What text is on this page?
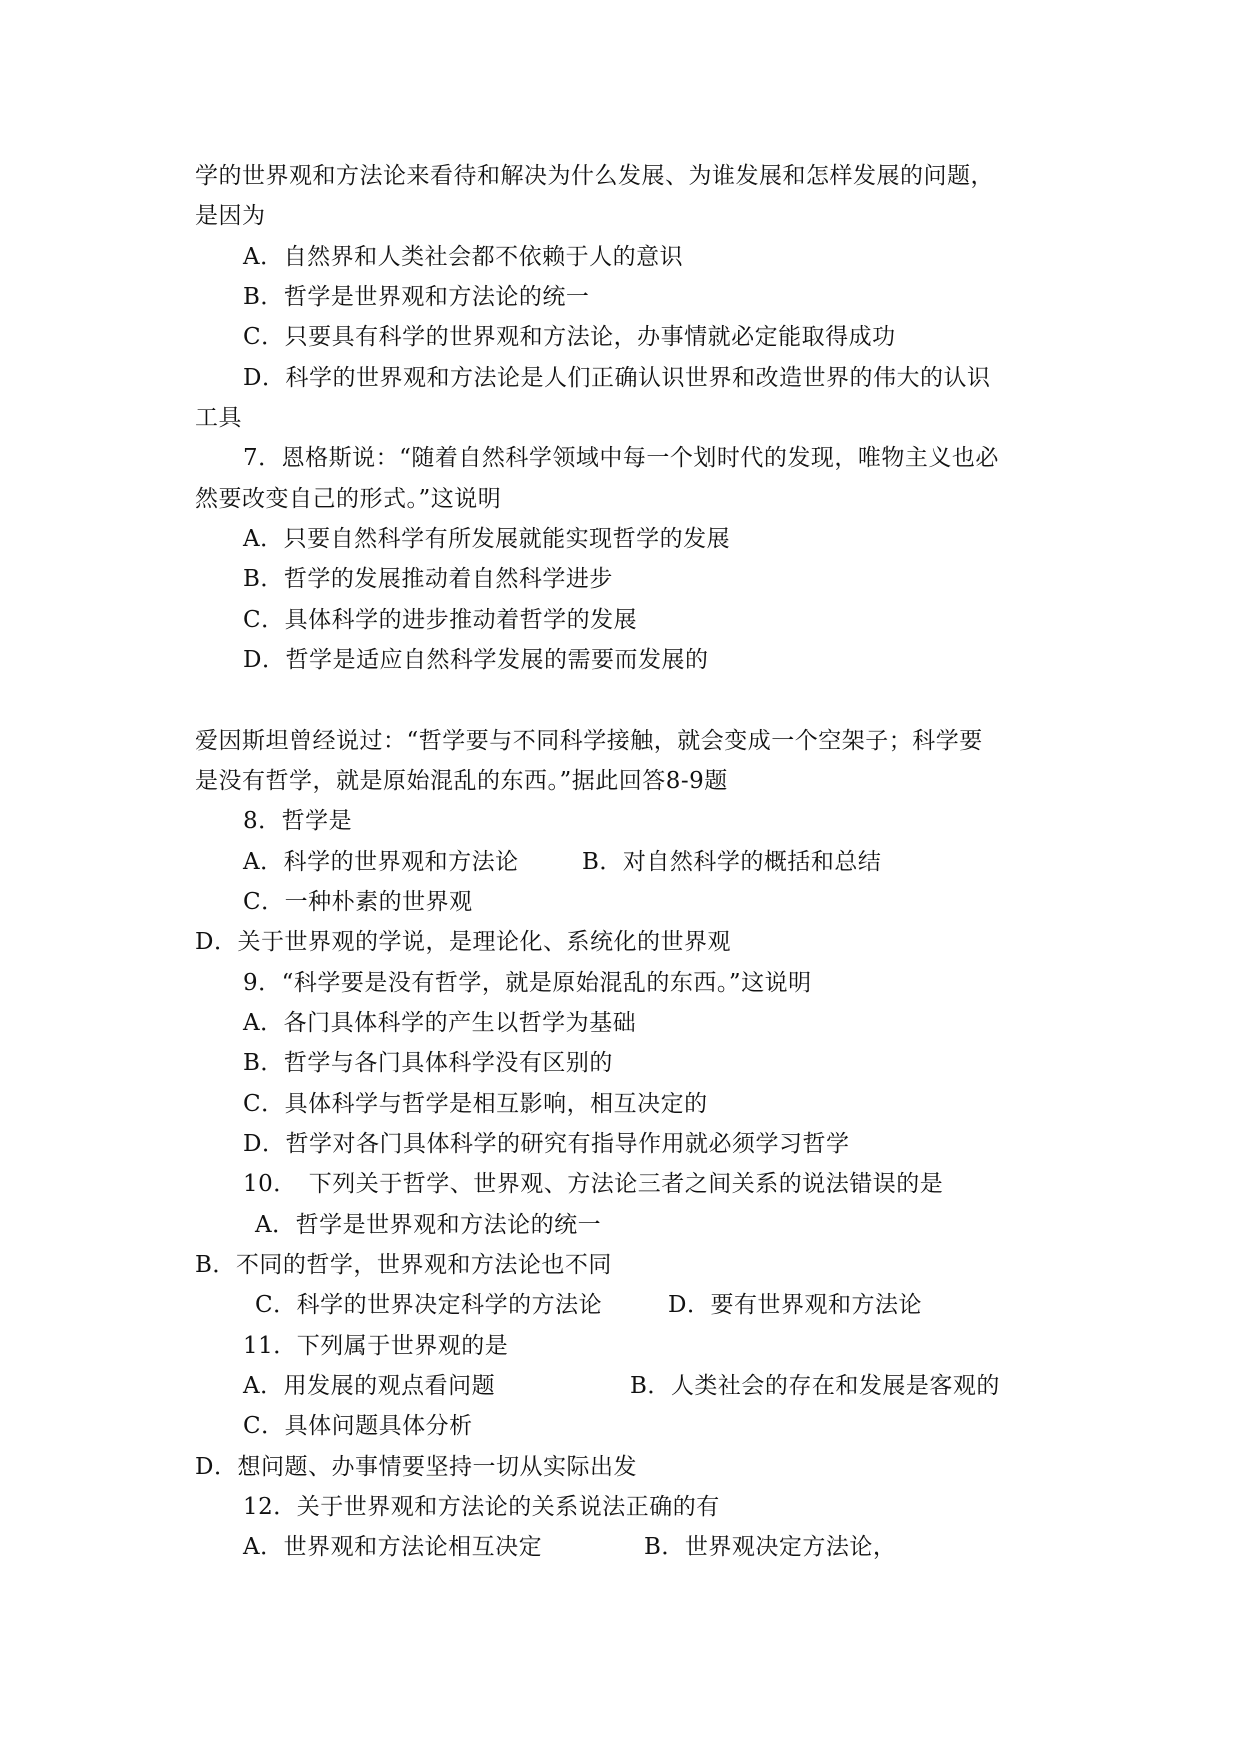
学的世界观和方法论来看待和解决为什么发展、为谁发展和怎样发展的问题，
是因为
A．自然界和人类社会都不依赖于人的意识
B．哲学是世界观和方法论的统一
C．只要具有科学的世界观和方法论，办事情就必定能取得成功
D．科学的世界观和方法论是人们正确认识世界和改造世界的伟大的认识
工具
7．恩格斯说：“随着自然科学领域中每一个划时代的发现，唯物主义也必
然要改变自己的形式。”这说明
A．只要自然科学有所发展就能实现哲学的发展
B．哲学的发展推动着自然科学进步
C．具体科学的进步推动着哲学的发展
D．哲学是适应自然科学发展的需要而发展的
爱因斯坦曾经说过：“哲学要与不同科学接触，就会变成一个空架子；科学要
是没有哲学，就是原始混乱的东西。”据此回答8-9题
8．哲学是
A．科学的世界观和方法论	B．对自然科学的概括和总结
C．一种朴素的世界观
D．关于世界观的学说，是理论化、系统化的世界观
9．“科学要是没有哲学，就是原始混乱的东西。”这说明
A．各门具体科学的产生以哲学为基础
B．哲学与各门具体科学没有区别的
C．具体科学与哲学是相互影响，相互决定的
D．哲学对各门具体科学的研究有指导作用就必须学习哲学
10．　下列关于哲学、世界观、方法论三者之间关系的说法错误的是
A．哲学是世界观和方法论的统一
B．不同的哲学，世界观和方法论也不同
C．科学的世界决定科学的方法论	D．要有世界观和方法论
11．下列属于世界观的是
A．用发展的观点看问题	B．人类社会的存在和发展是客观的
C．具体问题具体分析
D．想问题、办事情要坚持一切从实际出发
12．关于世界观和方法论的关系说法正确的有
A．世界观和方法论相互决定	B．世界观决定方法论，
